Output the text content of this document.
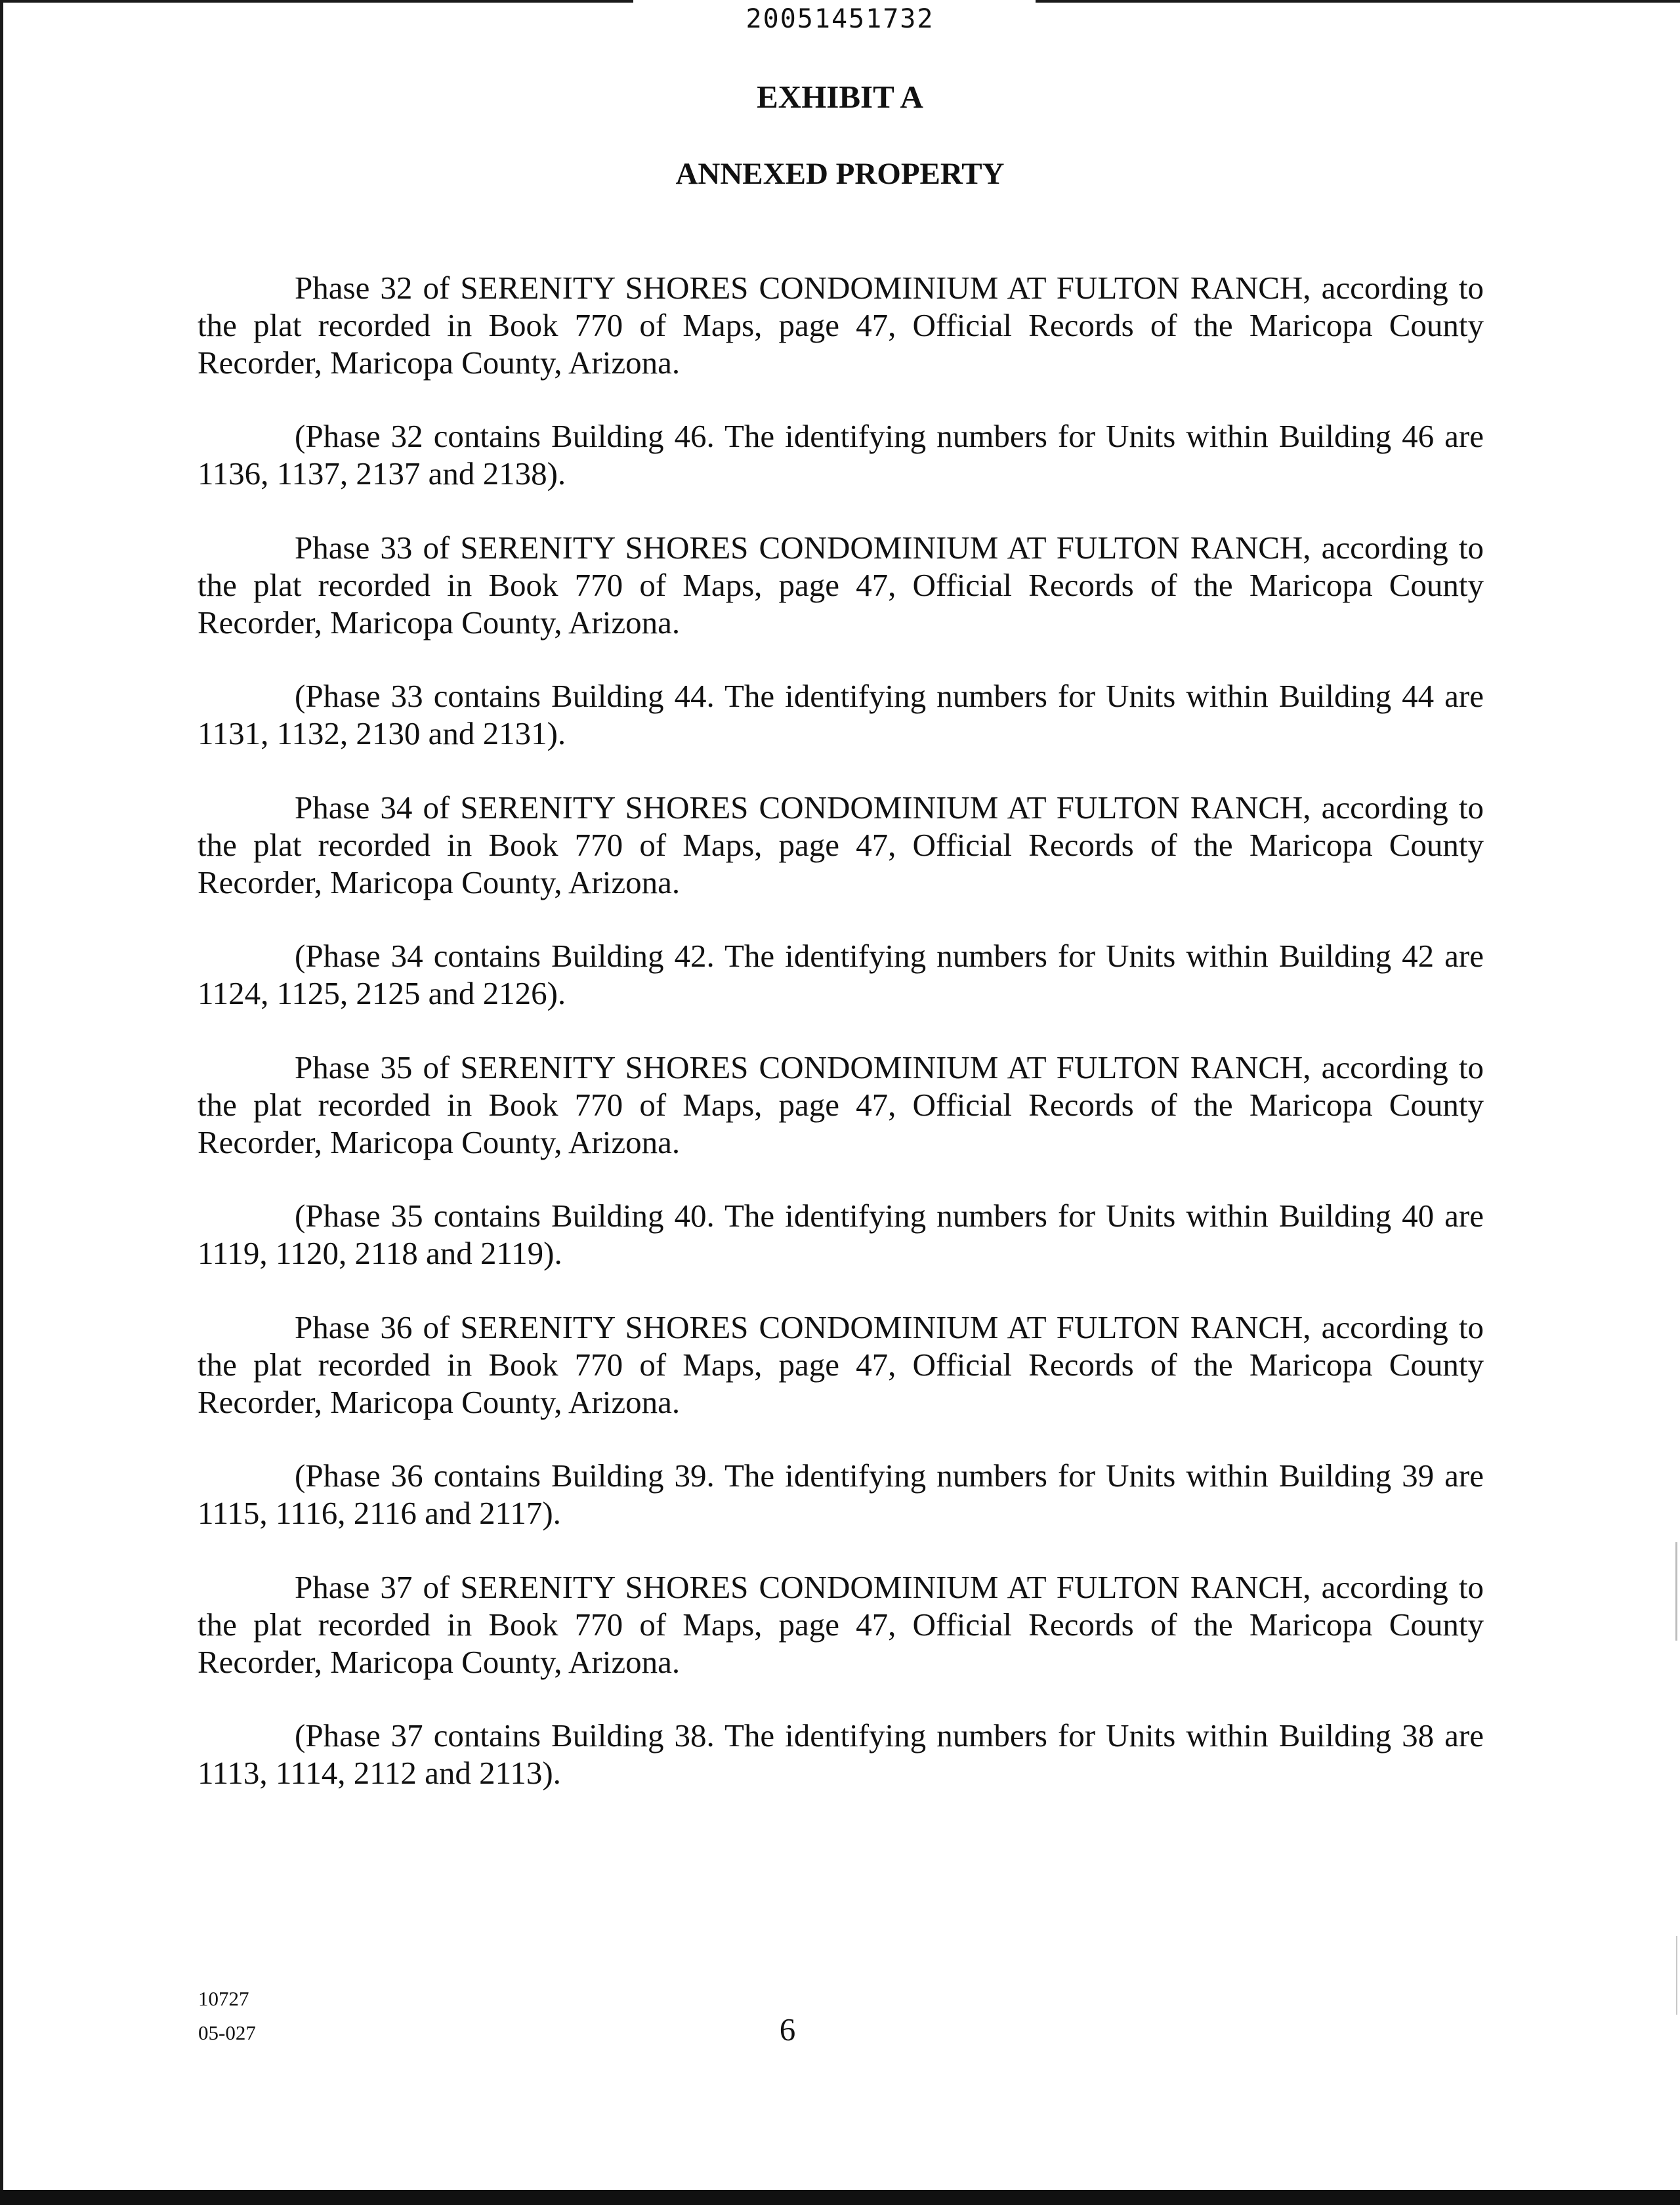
20051451732
EXHIBIT A
ANNEXED PROPERTY

Phase 32 of SERENITY SHORES CONDOMINIUM AT FULTON RANCH, according to the plat recorded in Book 770 of Maps, page 47, Official Records of the Maricopa County Recorder, Maricopa County, Arizona.

(Phase 32 contains Building 46. The identifying numbers for Units within Building 46 are 1136, 1137, 2137 and 2138).

Phase 33 of SERENITY SHORES CONDOMINIUM AT FULTON RANCH, according to the plat recorded in Book 770 of Maps, page 47, Official Records of the Maricopa County Recorder, Maricopa County, Arizona.

(Phase 33 contains Building 44. The identifying numbers for Units within Building 44 are 1131, 1132, 2130 and 2131).

Phase 34 of SERENITY SHORES CONDOMINIUM AT FULTON RANCH, according to the plat recorded in Book 770 of Maps, page 47, Official Records of the Maricopa County Recorder, Maricopa County, Arizona.

(Phase 34 contains Building 42. The identifying numbers for Units within Building 42 are 1124, 1125, 2125 and 2126).

Phase 35 of SERENITY SHORES CONDOMINIUM AT FULTON RANCH, according to the plat recorded in Book 770 of Maps, page 47, Official Records of the Maricopa County Recorder, Maricopa County, Arizona.

(Phase 35 contains Building 40. The identifying numbers for Units within Building 40 are 1119, 1120, 2118 and 2119).

Phase 36 of SERENITY SHORES CONDOMINIUM AT FULTON RANCH, according to the plat recorded in Book 770 of Maps, page 47, Official Records of the Maricopa County Recorder, Maricopa County, Arizona.

(Phase 36 contains Building 39. The identifying numbers for Units within Building 39 are 1115, 1116, 2116 and 2117).

Phase 37 of SERENITY SHORES CONDOMINIUM AT FULTON RANCH, according to the plat recorded in Book 770 of Maps, page 47, Official Records of the Maricopa County Recorder, Maricopa County, Arizona.

(Phase 37 contains Building 38. The identifying numbers for Units within Building 38 are 1113, 1114, 2112 and 2113).

10727
05-027	6
